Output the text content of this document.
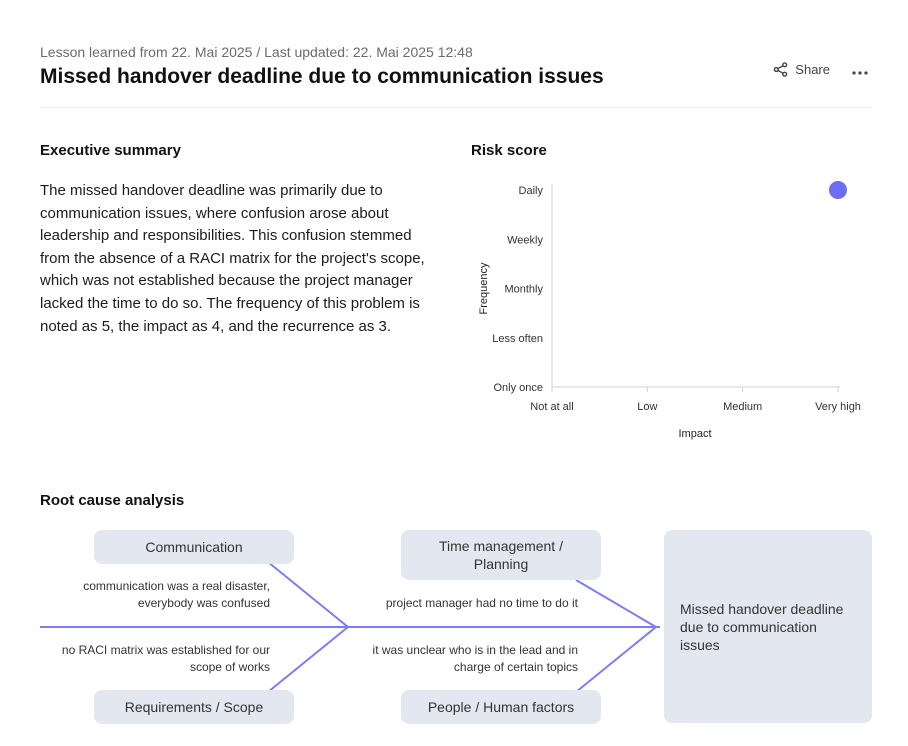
Lesson learned from 22. Mai 2025 / Last updated: 22. Mai 2025 12:48
Missed handover deadline due to communication issues	Share
Executive summary
The missed handover deadline was primarily due to communication issues, where confusion arose about leadership and responsibilities. This confusion stemmed from the absence of a RACI matrix for the project's scope, which was not established because the project manager lacked the time to do so. The frequency of this problem is noted as 5, the impact as 4, and the recurrence as 3.
Risk score
Only once
Less often
Monthly
Weekly
Daily
Not at all	Low	Medium	Very high
Impact
Frequency
Root cause analysis
Communication	Time management / Planning
Requirements / Scope	People / Human factors
communication was a real disaster, everybody was confused	project manager had no time to do it
no RACI matrix was established for our scope of works
it was unclear who is in the lead and in charge of certain topics
Missed handover deadline due to communication issues
